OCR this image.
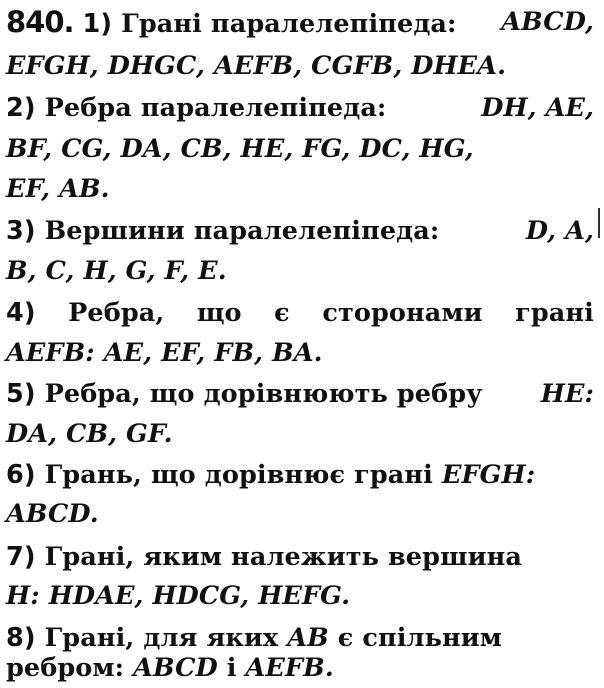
840. 1) Грані паралелепіпеда: ABCD,
EFGH, DHGC, AEFB, CGFB, DHEA.
2) Ребра паралелепіпеда:	DH, AE,
BF, CG, DA, CB, HE, FG, DC, HG,
EF, AB.
3) Вершини паралелепіпеда:	D, A,
B, C, H, G, F, E.
4) Ребра, що є сторонами грані
AEFB: AE, EF, FB, BA.
5) Ребра, що дорівнюють ребру HE:
DA, CB, GF.
6) Грань, що дорівнює грані EFGH:
ABCD.
7) Грані, яким належить вершина
H: HDAE, HDCG, HEFG.
8) Грані, для яких AB є спільним
ребром: ABCD і AEFB.
